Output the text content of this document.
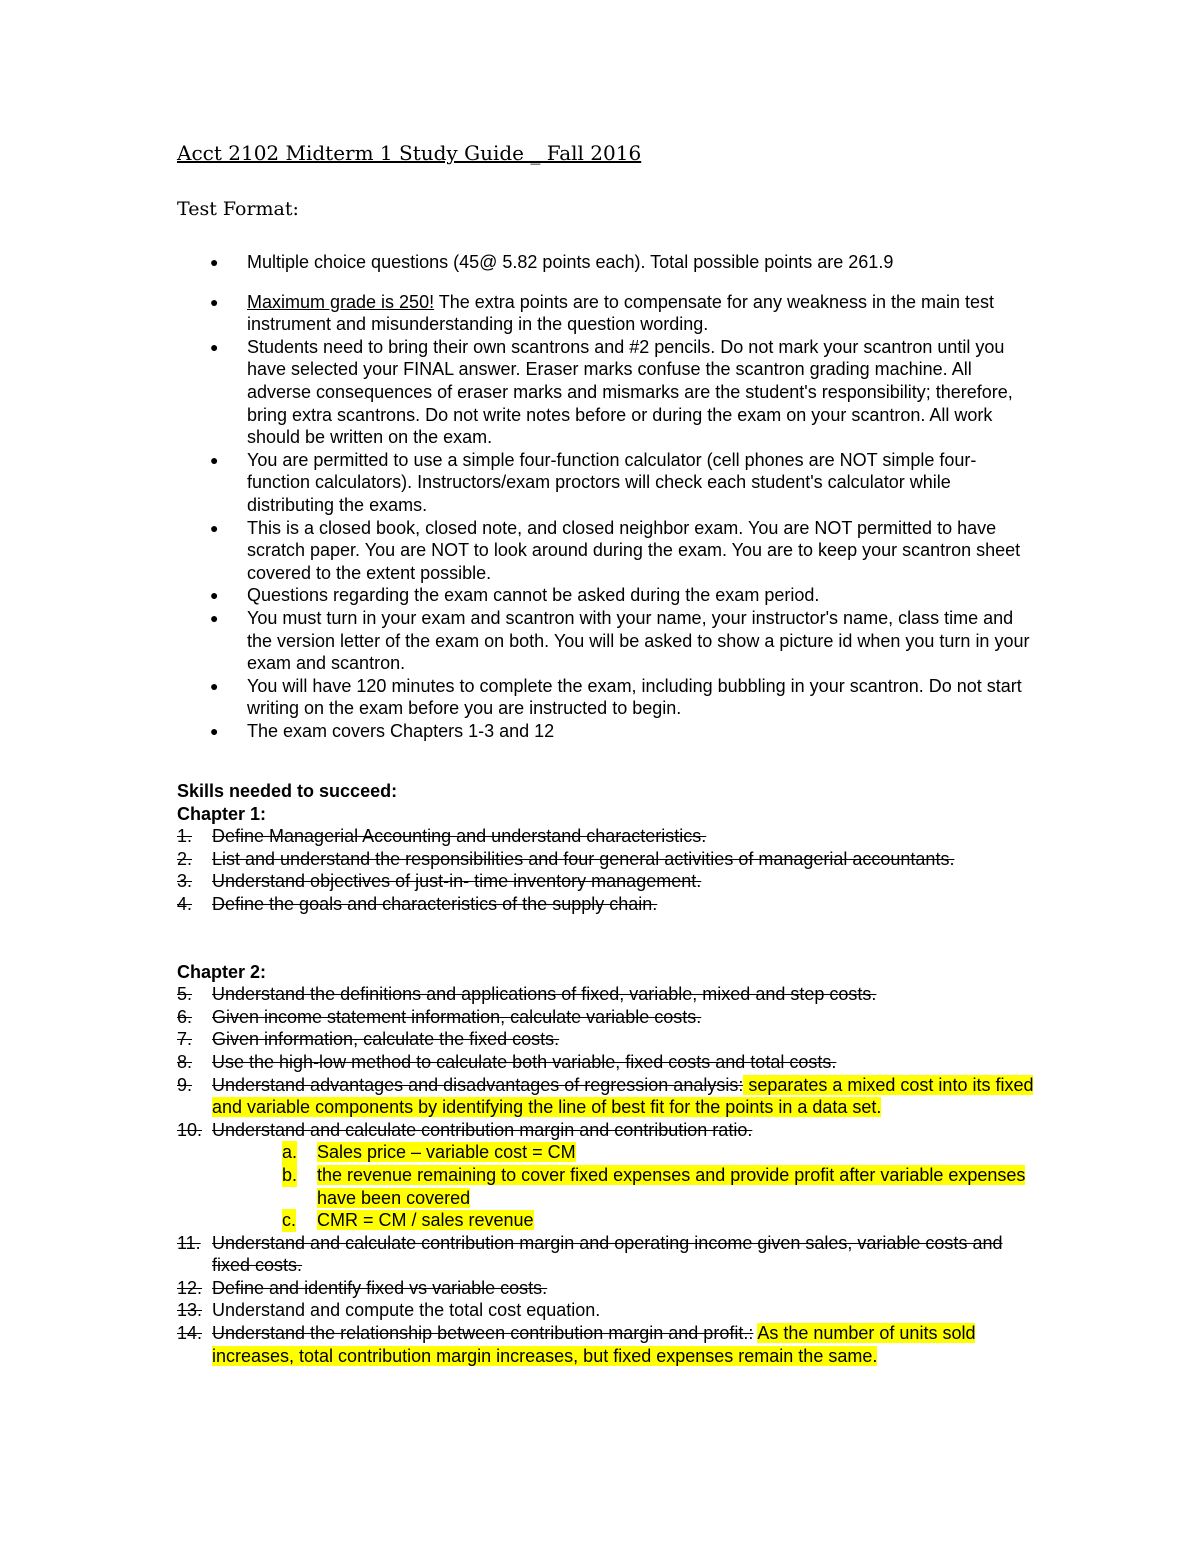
Acct 2102 Midterm 1 Study Guide _ Fall 2016
Test Format:
● Multiple choice questions (45@ 5.82 points each). Total possible points are 261.9
● Maximum grade is 250! The extra points are to compensate for any weakness in the main test instrument and misunderstanding in the question wording.
● Students need to bring their own scantrons and #2 pencils. Do not mark your scantron until you have selected your FINAL answer. Eraser marks confuse the scantron grading machine. All adverse consequences of eraser marks and mismarks are the student's responsibility; therefore, bring extra scantrons. Do not write notes before or during the exam on your scantron. All work should be written on the exam.
● You are permitted to use a simple four-function calculator (cell phones are NOT simple four-function calculators). Instructors/exam proctors will check each student's calculator while distributing the exams.
● This is a closed book, closed note, and closed neighbor exam. You are NOT permitted to have scratch paper. You are NOT to look around during the exam. You are to keep your scantron sheet covered to the extent possible.
● Questions regarding the exam cannot be asked during the exam period.
● You must turn in your exam and scantron with your name, your instructor's name, class time and the version letter of the exam on both. You will be asked to show a picture id when you turn in your exam and scantron.
● You will have 120 minutes to complete the exam, including bubbling in your scantron. Do not start writing on the exam before you are instructed to begin.
● The exam covers Chapters 1-3 and 12
Skills needed to succeed:
Chapter 1:
1. Define Managerial Accounting and understand characteristics.
2. List and understand the responsibilities and four general activities of managerial accountants.
3. Understand objectives of just-in- time inventory management.
4. Define the goals and characteristics of the supply chain.
Chapter 2:
5. Understand the definitions and applications of fixed, variable, mixed and step costs.
6. Given income statement information, calculate variable costs.
7. Given information, calculate the fixed costs.
8. Use the high-low method to calculate both variable, fixed costs and total costs.
9. Understand advantages and disadvantages of regression analysis: separates a mixed cost into its fixed and variable components by identifying the line of best fit for the points in a data set.
10. Understand and calculate contribution margin and contribution ratio.
a. Sales price – variable cost = CM
b. the revenue remaining to cover fixed expenses and provide profit after variable expenses have been covered
c. CMR = CM / sales revenue
11. Understand and calculate contribution margin and operating income given sales, variable costs and fixed costs.
12. Define and identify fixed vs variable costs.
13. Understand and compute the total cost equation.
14. Understand the relationship between contribution margin and profit.: As the number of units sold increases, total contribution margin increases, but fixed expenses remain the same.
